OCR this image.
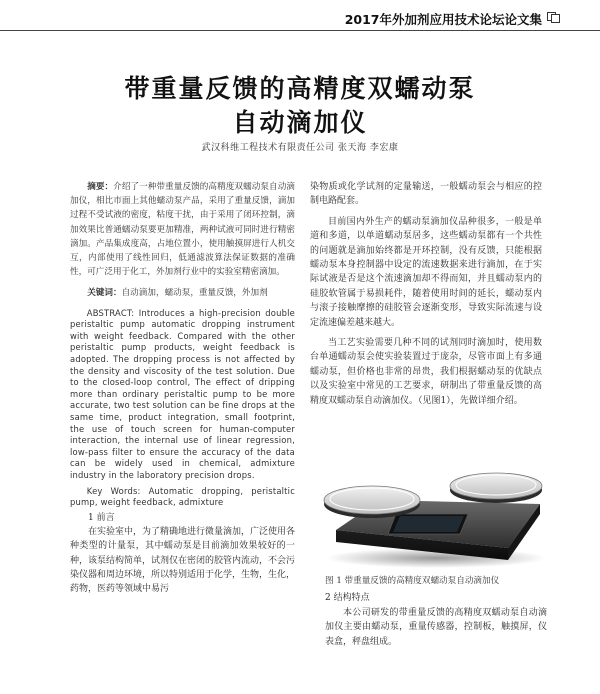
2017年外加剂应用技术论坛论文集
带重量反馈的高精度双蠕动泵
自动滴加仪
武汉科维工程技术有限责任公司 张天海 李宏康

摘要：介绍了一种带重量反馈的高精度双蠕动泵自动滴加仪，相比市面上其他蠕动泵产品，采用了重量反馈，滴加过程不受试液的密度，粘度干扰，由于采用了闭环控制，滴加效果比普通蠕动泵要更加精准，两种试液可同时进行精密滴加。产品集成度高，占地位置小，使用触摸屏进行人机交互，内部使用了线性回归，低通滤波算法保证数据的准确性，可广泛用于化工，外加剂行业中的实验室精密滴加。

关键词：自动滴加，蠕动泵，重量反馈，外加剂

ABSTRACT: Introduces a high-precision double peristaltic pump automatic dropping instrument with weight feedback. Compared with the other peristaltic pump products, weight feedback is adopted. The dropping process is not affected by the density and viscosity of the test solution. Due to the closed-loop control, The effect of dripping more than ordinary peristaltic pump to be more accurate, two test solution can be fine drops at the same time, product integration, small footprint, the use of touch screen for human-computer interaction, the internal use of linear regression, low-pass filter to ensure the accuracy of the data can be widely used in chemical, admixture industry in the laboratory precision drops.

Key Words: Automatic dropping, peristaltic pump, weight feedback, admixture

1 前言

在实验室中，为了精确地进行微量滴加，广泛使用各种类型的计量泵，其中蠕动泵是目前滴加效果较好的一种，该泵结构简单，试剂仅在密闭的胶管内流动，不会污染仪器和周边环境，所以特别适用于化学，生物，生化，药物，医药等领域中易污

染物质或化学试剂的定量输送，一般蠕动泵会与相应的控制电路配套。

目前国内外生产的蠕动泵滴加仪品种很多，一般是单道和多道，以单道蠕动泵居多，这些蠕动泵都有一个共性的问题就是滴加始终都是开环控制，没有反馈，只能根据蠕动泵本身控制器中设定的流速数据来进行滴加，在于实际试液是否是这个流速滴加却不得而知，并且蠕动泵内的硅胶软管属于易损耗件，随着使用时间的延长，蠕动泵内与滚子接触摩擦的硅胶管会逐渐变形，导致实际流速与设定流速偏差越来越大。

当工艺实验需要几种不同的试剂同时滴加时，使用数台单通蠕动泵会使实验装置过于庞杂，尽管市面上有多通蠕动泵，但价格也非常的昂贵，我们根据蠕动泵的优缺点以及实验室中常见的工艺要求，研制出了带重量反馈的高精度双蠕动泵自动滴加仪。（见图1），先做详细介绍。

图 1 带重量反馈的高精度双蠕动泵自动滴加仪
2 结构特点

本公司研发的带重量反馈的高精度双蠕动泵自动滴加仪主要由蠕动泵，重量传感器，控制板，触摸屏，仪表盒，秤盘组成。
